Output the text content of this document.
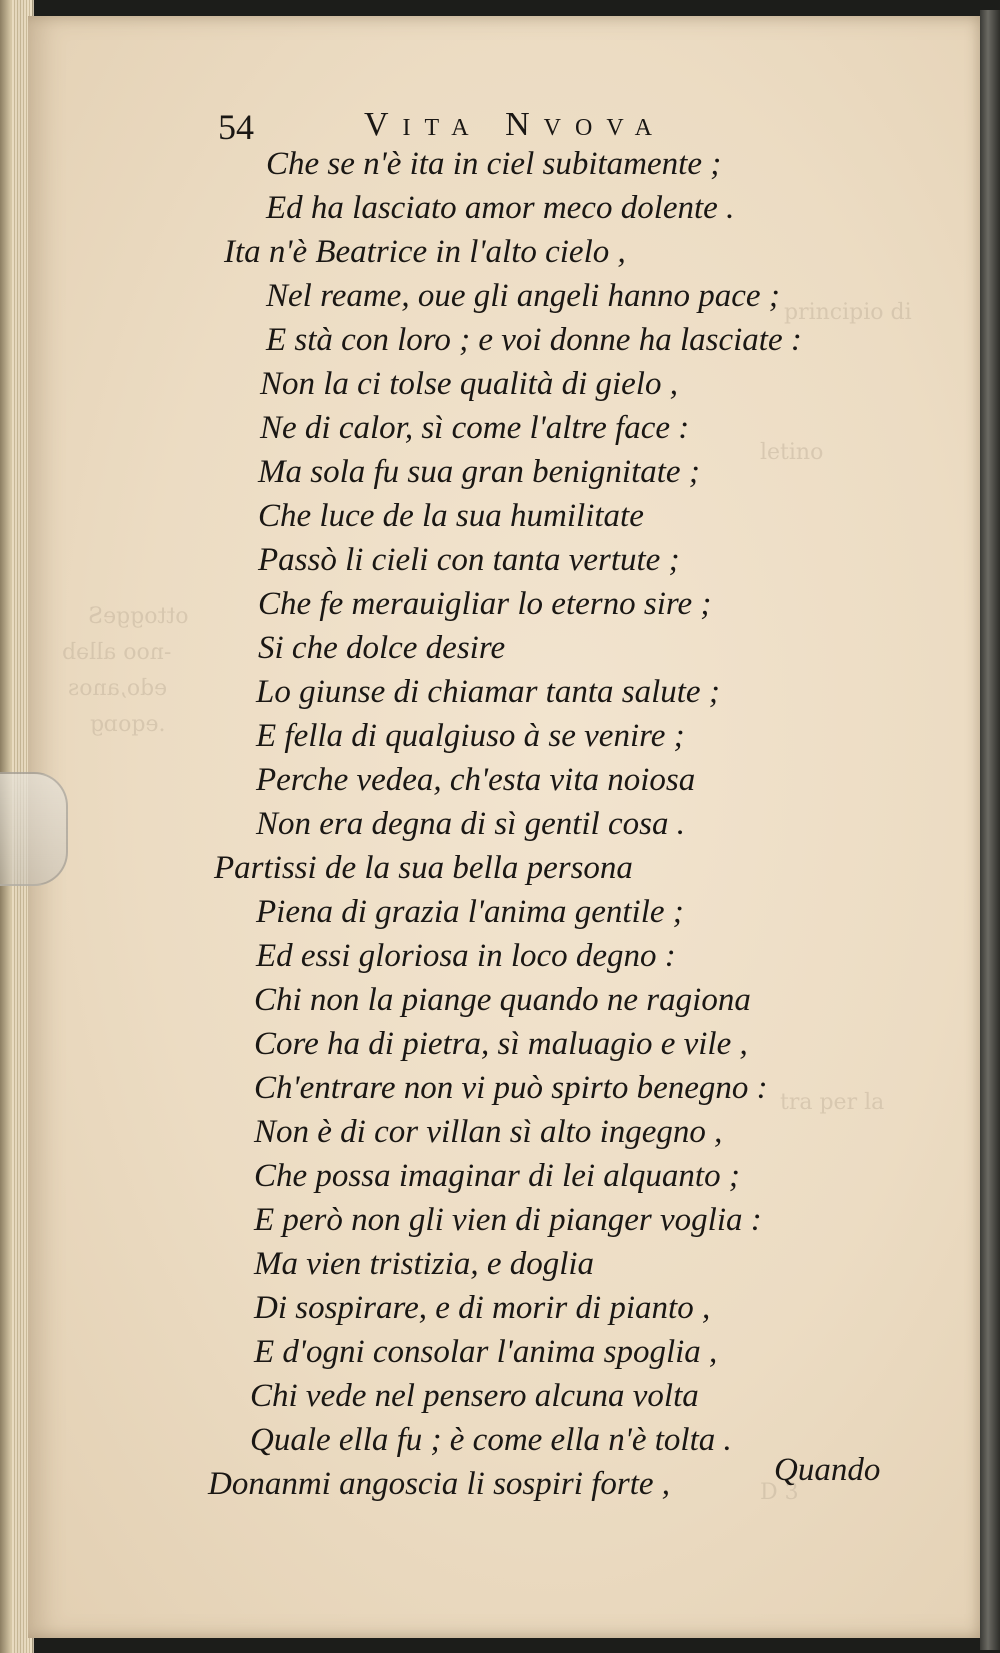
ottoggeS
-noo alləb
edo,anos
.eqoɒg
principio di
letino
tra per la
D 3
54	Vita Nvova
Che se n'è ita in ciel subitamente ;
Ed ha lasciato amor meco dolente .
Ita n'è Beatrice in l'alto cielo ,
Nel reame, oue gli angeli hanno pace ;
E stà con loro ; e voi donne ha lasciate :
Non la ci tolse qualità di gielo ,
Ne di calor, sì come l'altre face :
Ma sola fu sua gran benignitate ;
Che luce de la sua humilitate
Passò li cieli con tanta vertute ;
Che fe merauigliar lo eterno sire ;
Si che dolce desire
Lo giunse di chiamar tanta salute ;
E fella di qualgiuso à se venire ;
Perche vedea, ch'esta vita noiosa
Non era degna di sì gentil cosa .
Partissi de la sua bella persona
Piena di grazia l'anima gentile ;
Ed essi gloriosa in loco degno :
Chi non la piange quando ne ragiona
Core ha di pietra, sì maluagio e vile ,
Ch'entrare non vi può spirto benegno :
Non è di cor villan sì alto ingegno ,
Che possa imaginar di lei alquanto ;
E però non gli vien di pianger voglia :
Ma vien tristizia, e doglia
Di sospirare, e di morir di pianto ,
E d'ogni consolar l'anima spoglia ,
Chi vede nel pensero alcuna volta
Quale ella fu ; è come ella n'è tolta .
Donanmi angoscia li sospiri forte ,	Quando
